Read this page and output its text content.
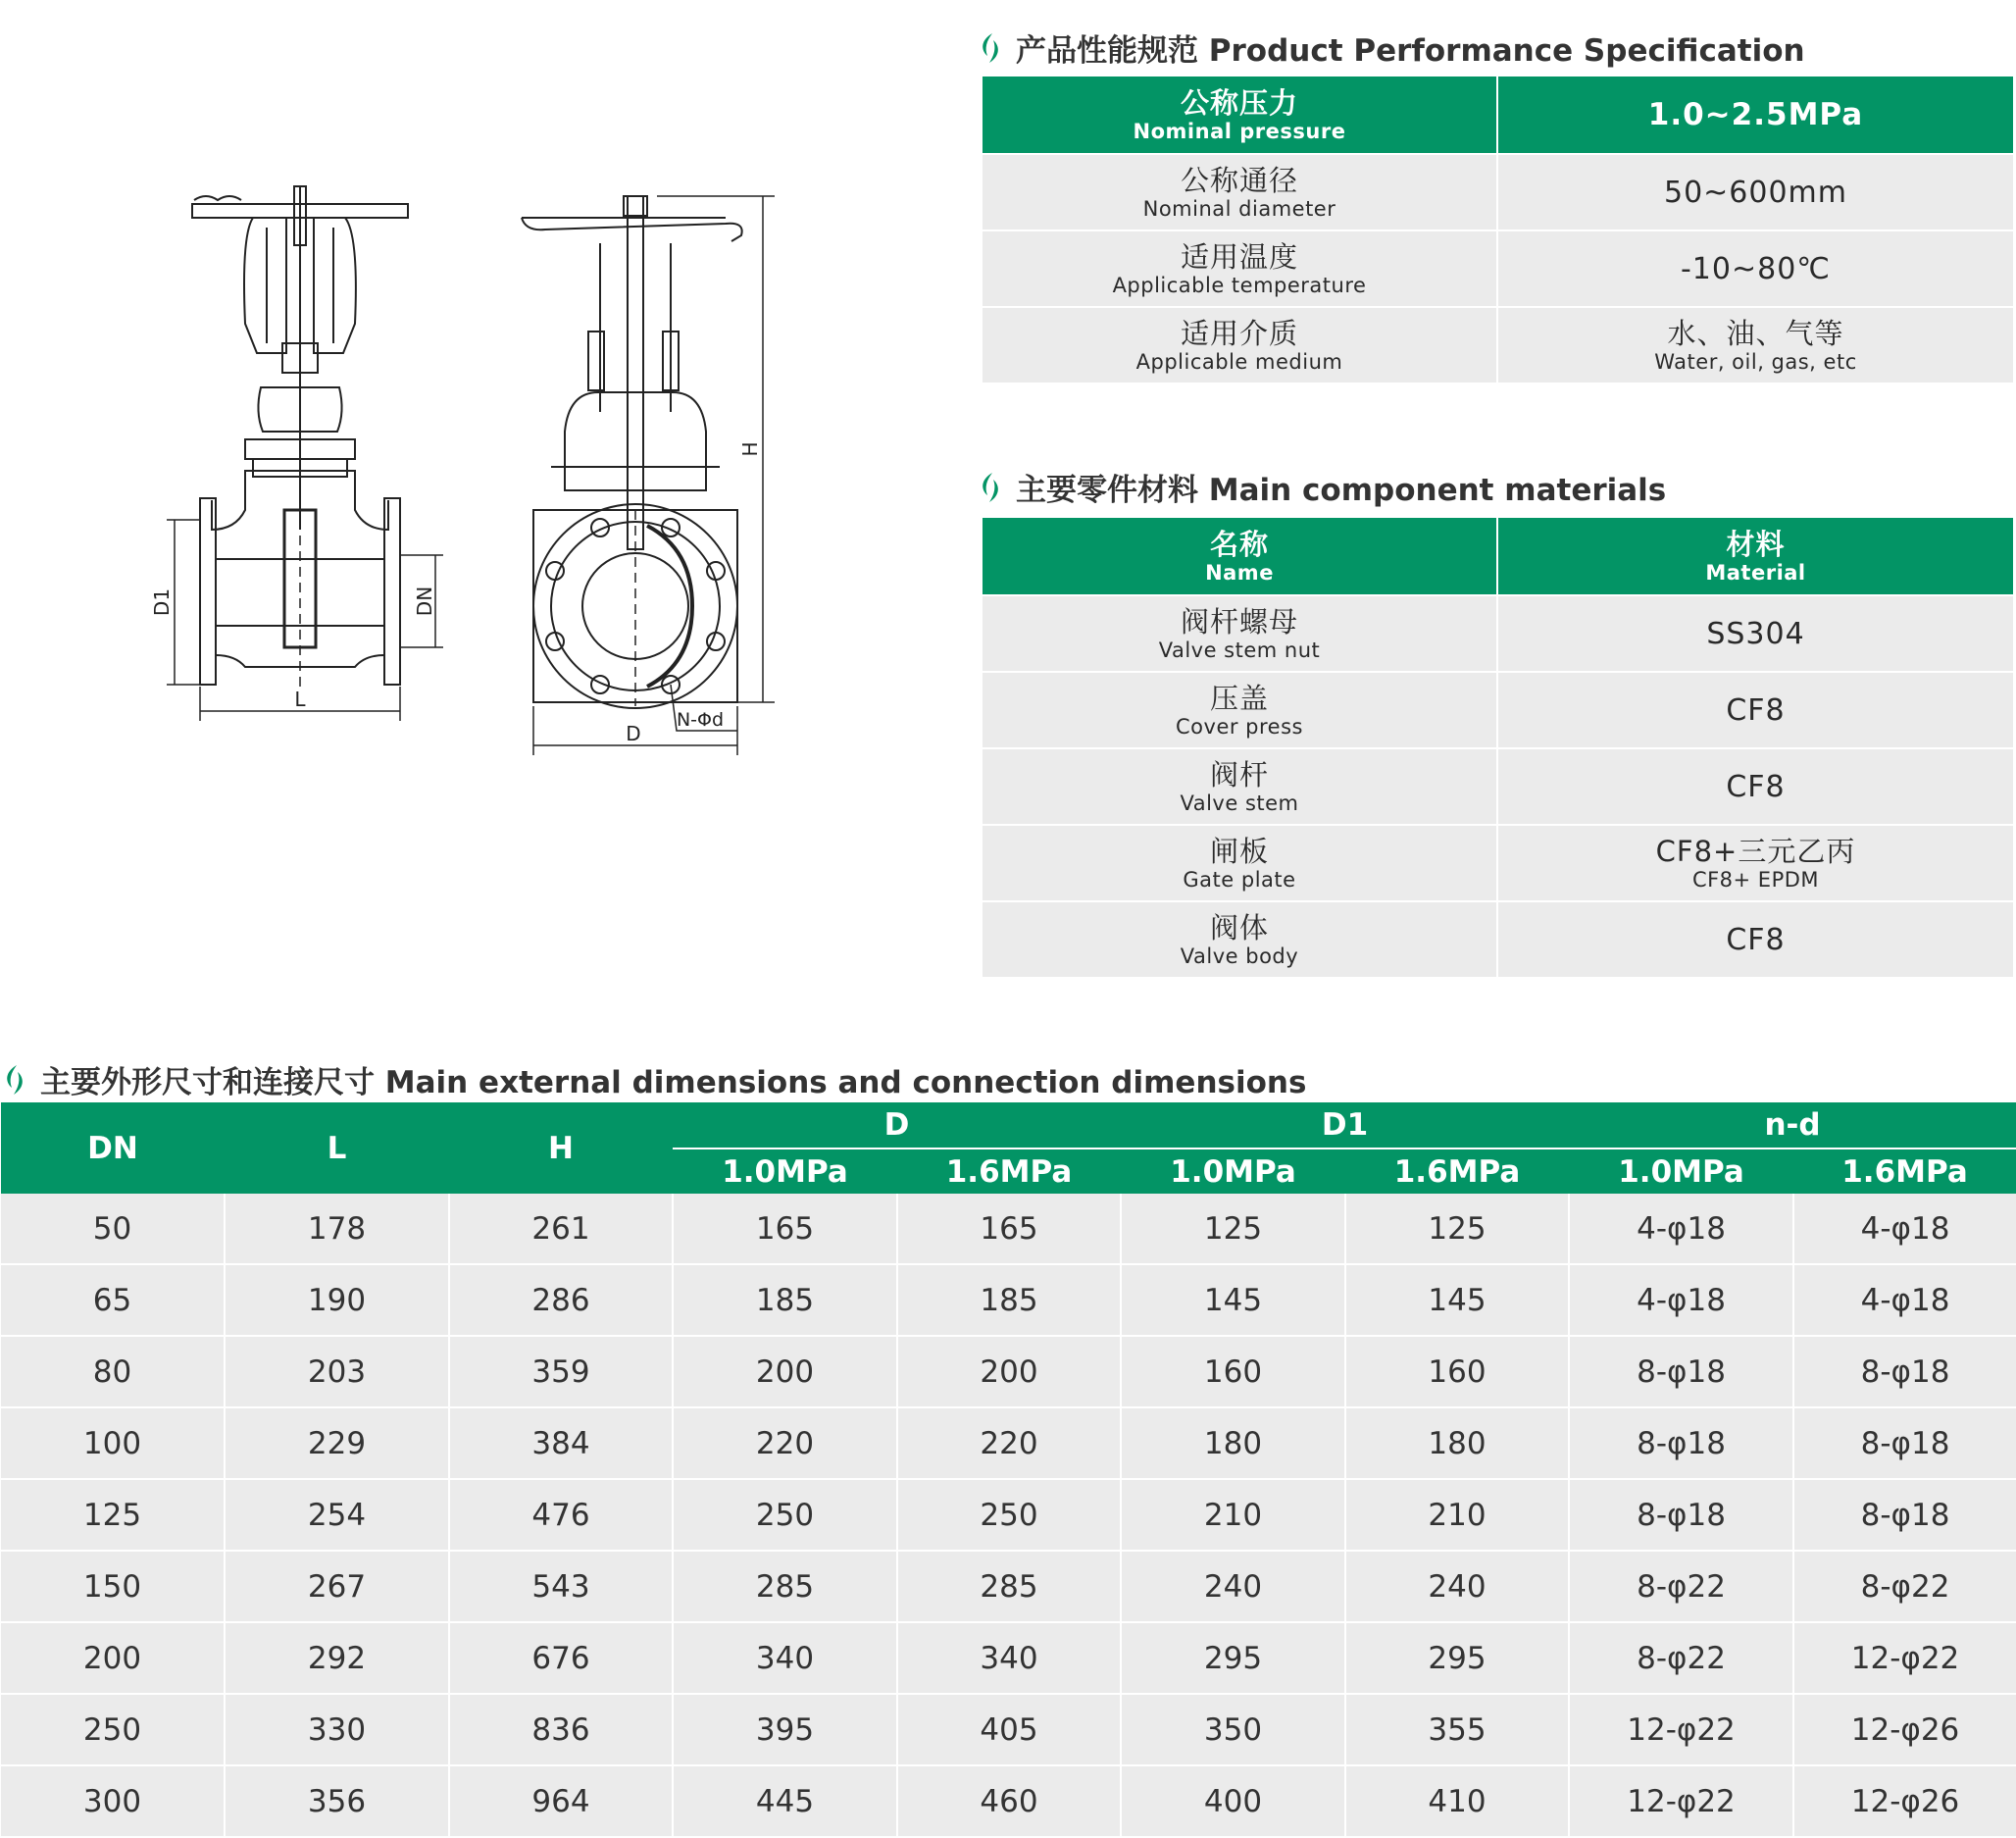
产品性能规范 Product Performance Specification
公称压力
Nominal pressure	1.0~2.5MPa

公称通径
Nominal diameter	50~600mm

适用温度
Applicable temperature	-10~80℃

适用介质
Applicable medium	水、油、气等
Water, oil, gas, etc
主要零件材料 Main component materials
名称
Name	材料
Material

阀杆螺母
Valve stem nut	SS304

压盖
Cover press	CF8

阀杆
Valve stem	CF8

闸板
Gate plate	CF8+三元乙丙
CF8+ EPDM

阀体
Valve body	CF8
D1	DN
L
H
D
N-Φd
主要外形尺寸和连接尺寸 Main external dimensions and connection dimensions
DN	L	H	D		D1		n-d	
			1.0MPa	1.6MPa	1.0MPa	1.6MPa	1.0MPa	1.6MPa
50	178	261	165	165	125	125	4-φ18	4-φ18
65	190	286	185	185	145	145	4-φ18	4-φ18
80	203	359	200	200	160	160	8-φ18	8-φ18
100	229	384	220	220	180	180	8-φ18	8-φ18
125	254	476	250	250	210	210	8-φ18	8-φ18
150	267	543	285	285	240	240	8-φ22	8-φ22
200	292	676	340	340	295	295	8-φ22	12-φ22
250	330	836	395	405	350	355	12-φ22	12-φ26
300	356	964	445	460	400	410	12-φ22	12-φ26
